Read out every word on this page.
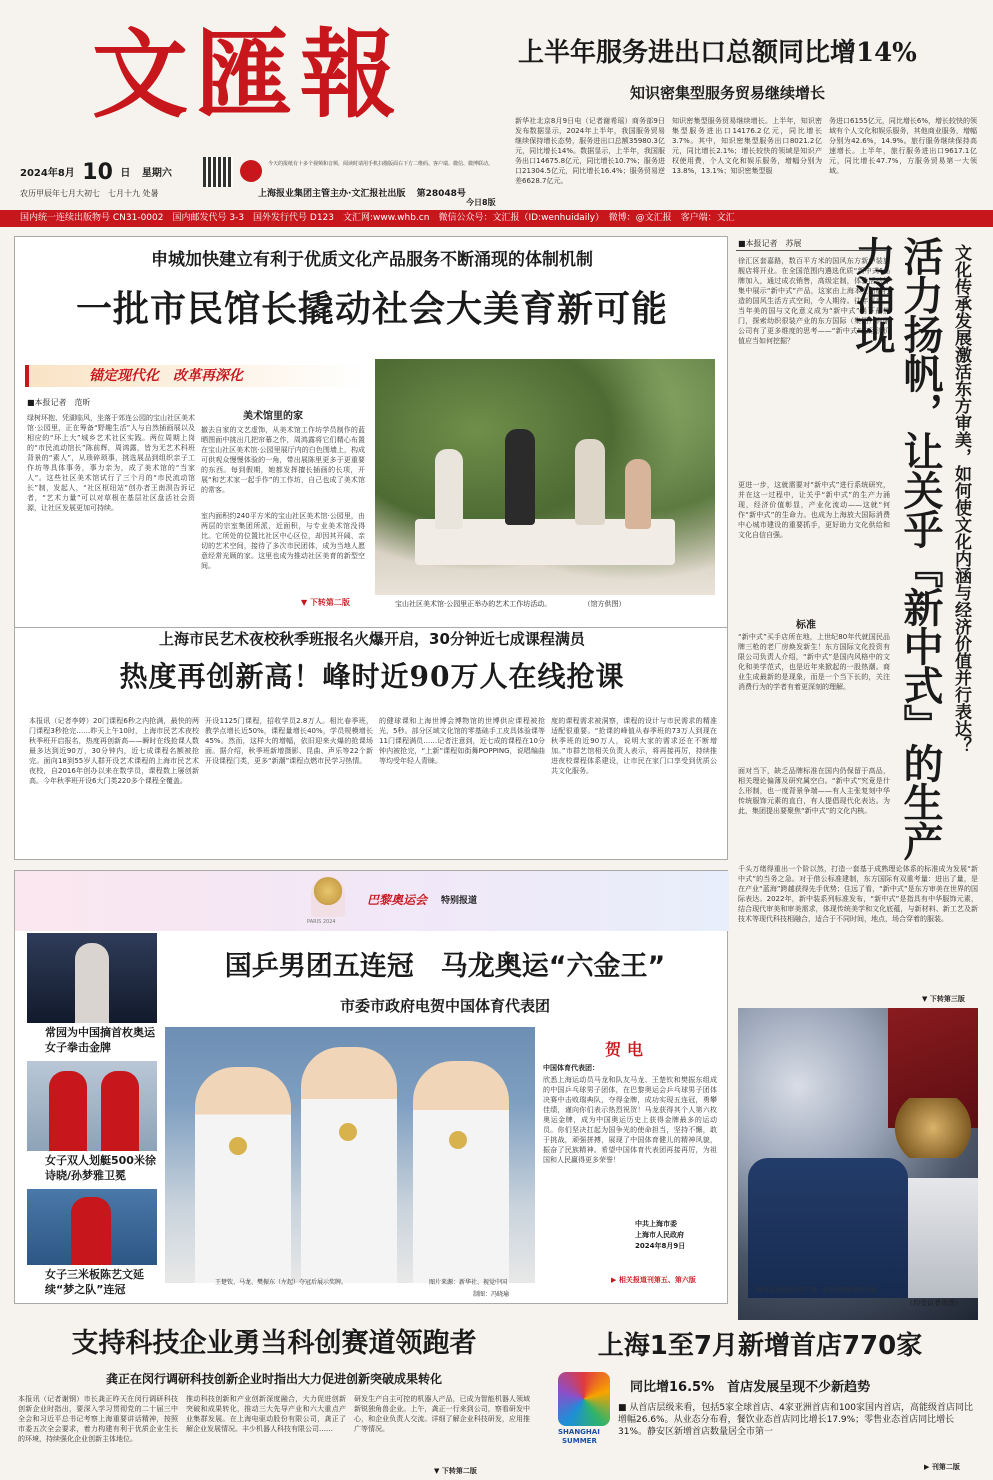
文匯報
2024年8月 10 日 星期六
农历甲辰年七月大初七　七月十九 处暑
今天的报纸有十多个视频和音频，阅读时请用手机扫描版面右下方二维码。客户端、微信、微博联动。
上海报业集团主管主办·文汇报社出版 第28048号
今日8版
上半年服务进出口总额同比增14%
知识密集型服务贸易继续增长
新华社北京8月9日电（记者谢希瑶）商务部9日发布数据显示，2024年上半年，我国服务贸易继续保持增长态势，服务进出口总额35980.3亿元，同比增长14%。数据显示，上半年，我国服务出口14675.8亿元，同比增长10.7%；服务进口21304.5亿元，同比增长16.4%；服务贸易逆差6628.7亿元。
知识密集型服务贸易继续增长。上半年，知识密集型服务进出口14176.2亿元，同比增长3.7%。其中，知识密集型服务出口8021.2亿元，同比增长2.1%；增长较快的领域是知识产权使用费，个人文化和娱乐服务，增幅分别为13.8%，13.1%；知识密集型服
务进口6155亿元，同比增长6%，增长较快的领域有个人文化和娱乐服务，其他商业服务，增幅分别为42.6%，14.9%。旅行服务继续保持高速增长。上半年，旅行服务进出口9617.1亿元，同比增长47.7%，方服务贸易第一大领域。
国内统一连续出版物号 CN31-0002　国内邮发代号 3-3　国外发行代号 D123　文汇网:www.whb.cn　微信公众号：文汇报（ID:wenhuidaily）　微博：@文汇报　客户端：文汇
申城加快建立有利于优质文化产品服务不断涌现的体制机制
一批市民馆长撬动社会大美育新可能
锚定现代化　改革再深化
■本报记者　范昕
美术馆里的家
绿树环抱、凭湖临风，坐落于郊连公园的宝山社区美术馆·公园里，正在筹备“野趣生活”人与自然插画展以及相应的“环上大”城乡艺术社区实践。两位周期上岗的“市民流动馆长”陈前辉，周鸿露，皆为无艺术科班背景的“素人”，从琐碎琐事，挑选展品到组织亲子工作坊等具体事务，事力亲为，成了美术馆的“当家人”。这些社区美术馆试行了三个月的“市民流动馆长”制，发起人，“社区枢纽站”创办者王南溟告诉记者，“艺术力量”可以对草根在基层社区盘活社会资源，让社区发展更加可持续。
撤去自家的文艺虚饰，从美术馆工作坊学员制作的蓝晒图面中挑出几把帘幕之作，周鸿露将它们精心布置在宝山社区美术馆·公园里展厅内的白色围墙上，构成可供观众慢慢体验的一角，带出展陈里更多于更重要的东西。每到假期，她都发挥擅长插画的长项，开展“和艺术家一起手作”的工作坊，自己也成了美术馆的常客。
室内面积约240平方米的宝山社区美术馆·公园里，由两层的宗室集团所派，近面积，与专业美术馆没得比。它所处的位置比社区中心区位，却因其开阔、亲切的艺术空间，接待了多次市民团体，成为当地人愿意经常光顾的家。这里也成为推动社区美育的新型空间。
▼ 下转第二版	宝山社区美术馆·公园里正举办的艺术工作坊活动。	（馆方供图）
上海市民艺术夜校秋季班报名火爆开启，30分钟近七成课程满员
热度再创新高！峰时近90万人在线抢课
本报讯（记者李婷）20门课程6秒之内抢满，最快的两门课程3秒抢完……昨天上午10时，上海市民艺术夜校秋季班开启报名，热度再创新高——瞬时在线抢课人数最多达到近90万，30分钟内，近七成课程名额被抢完。面向18到55岁人群开设艺术课程的上海市民艺术夜校，自2016年创办以来在数学员，课程数上屡创新高。今年秋季班开设6大门类220多个课程全覆盖。
开设1125门课程，招收学员2.8万人。相比春季班，教学点增长近50%，课程量增长40%，学员规模增长45%。然而，这样大的增幅，依旧迎来火爆的抢课场面。据介绍，秋季班新增摄影、昆曲、声乐等22个新开设课程门类，更多“新潮”课程点燃市民学习热情。
的健球课和上海世博会博物馆的世博供应课程被抢光，5秒。部分区域文化馆的零基础手工皮具体验课等11门课程满员……记者注意到，近七成的课程在10分钟内被抢完，“上新”课程如街舞POPPING，说唱编曲等均受年轻人青睐。
度的课程需求被洞察，课程的设计与市民需求的精准适配很重要。“抢课的峰值从春季班的73万人到现在秋季班的近90万人，说明大家的需求还在不断增加。”市群艺馆相关负责人表示，将再接再厉，持续推进夜校课程体系建设，让市民在家门口享受到优质公共文化服务。
■本报记者　苏展
徐汇区套嘉路，数百平方米的国风东方新中装旗舰店将开业。在全国范围内遴选优质“新中式”品牌加入，通过成衣销售，高级定制，体验活动等集中展示“新中式”产品，这家由上海本土品牌打造的国风生活方式空间，令人期待。往年以来，当年美的国与文化意义成为“新中式”当下最热门，探索幼织很装产业的东方国际（集团）有限公司有了更多维度的思考——“新中式”的经济价值应当如何挖掘？
更进一步，这就需要对“新中式”进行系统研究，并在这一过程中，让关乎“新中式”的生产力涌现，经济价值彰显，产业化流动——这就“何作“新中式”的生命力。也成为上海放大国际消费中心城市建设的重要抓手，更好助力文化供给和文化自信自强。
标准
“新中式”买手店所在地，上世纪80年代就国民品牌三枪的老厂房焕发新生！东方国际文化投资有限公司负责人介绍，“新中式”是国内风格中的文化和美学范式，也是近年来掀起的一股热潮。商业生成最新的是现象，而是一个当下长的，关注消费行为的学者有着更深刻的理解。
面对当下，缺乏品牌标准在国内仍保留于高品，相关理论偏薄及研究属空白。“新中式”究竟是什么形制，也一度背景争端——有人主张复刻中华传统服饰元素的直白，有人提倡现代化表达。为此，集团提出要聚焦“新中式”的文化内核。
千头万绪得重出一个阶以然，打造一套基于成熟理论体系的标准成为发展“新中式”的当务之急。对于借公标准建制，东方国际有双重考量：进出了量，是在产业“蓝海”跨越获得先手优势；住远了看，“新中式”是东方审美在世界的国际表达。2022年，新中装系列标准发布，“新中式”是指具有中华服饰元素，结合现代审美和审美需求，体现传统美学和文化底蕴，与新材料、新工艺及新技术等现代科技相融合，适合于不同时间，地点，场合穿着的服装。
▼ 下转第三版
文化传承发展激活东方审美，如何使文化内涵与经济价值并行表达？
活力扬帆，让关乎『新中式』的生产力涌现
时尚是灵感迭代的产物，更是价值延伸的成果。
（均受访者供图）
PARIS 2024
巴黎奥运会 特别报道
常园为中国摘首枚奥运女子拳击金牌
女子双人划艇500米徐诗晓/孙梦雅卫冕
女子三米板陈艺文延续“梦之队”连冠
国乒男团五连冠　马龙奥运“六金王”
市委市政府电贺中国体育代表团
王楚钦、马龙、樊振东（左起）夺冠后展示奖牌。	图片来源：新华社、视觉中国
制图：冯晓瑜
贺电
中国体育代表团：
欣悉上海运动员马龙和队友马龙、王楚钦和樊振东组成的中国乒乓球男子团体，在巴黎奥运会乒乓球男子团体决赛中击败瑞典队，夺得金牌，成功实现五连冠，勇攀佳绩，谨向你们表示热烈祝贺！马龙获得其个人第六枚奥运金牌，成为中国奥运历史上获得金牌最多的运动员。你们坚决扛起为国争光的使命担当，坚持不懈，敢于挑战，顽强拼搏，展现了中国体育健儿的精神风貌，振奋了民族精神。希望中国体育代表团再接再厉，为祖国和人民赢得更多荣誉！
中共上海市委
上海市人民政府
2024年8月9日
▶ 相关报道刊第五、第六版
支持科技企业勇当科创赛道领跑者
龚正在闵行调研科技创新企业时指出大力促进创新突破成果转化
本报讯（记者谢钢）市长龚正昨天在闵行调研科技创新企业时指出，要深入学习贯彻党的二十届三中全会和习近平总书记考察上海重要讲话精神，按照市委五次全会要求，着力构建有利于优质企业生长的环境，持续强化企业创新主体地位。
推动科技创新和产业创新深度融合，大力促进创新突破和成果转化，推动三大先导产业和六大重点产业集群发展。在上海电驱动股份有限公司，龚正了解企业发展情况。丰少机器人科技有限公司……
研发生产自主可控的机器人产品，已成为智能机器人领域新锐独角兽企业。上午，龚正一行来到公司，察看研发中心，和企业负责人交流。详细了解企业科技研发，应用推广等情况。
▼ 下转第二版
上海1至7月新增首店770家
SHANGHAI
SUMMER
同比增16.5%　首店发展呈现不少新趋势
■ 从首店层级来看，包括5家全球首店、4家亚洲首店和100家国内首店，高能级首店同比增幅26.6%。从业态分布看，餐饮业态首店同比增长17.9%；零售业态首店同比增长31%。静安区新增首店数量居全市第一
▶ 刊第二版
